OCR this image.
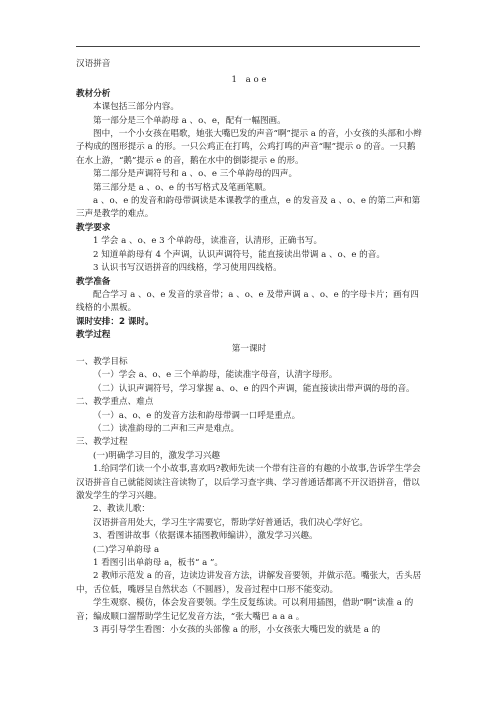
汉语拼音

1　a o e

教材分析

本课包括三部分内容。

第一部分是三个单韵母 a 、o、e，配有一幅图画。

图中，一个小女孩在唱歌，她张大嘴巴发的声音“啊”提示 a 的音，小女孩的头部和小辫子构成的图形提示 a 的形。一只公鸡正在打鸣，公鸡打鸣的声音“喔”提示 o 的音。一只鹅在水上游，“鹅”提示 e 的音，鹅在水中的倒影提示 e 的形。

第二部分是声调符号和 a 、o、e 三个单韵母的四声。

第三部分是 a 、o、e 的书写格式及笔画笔顺。

a 、o、e 的发音和韵母带调读是本课教学的重点，e 的发音及 a 、o、e 的第二声和第三声是教学的难点。

教学要求

1 学会 a 、o、e 3 个单韵母，读准音，认清形，正确书写。

2 知道单韵母有 4 个声调，认识声调符号，能直接读出带调 a 、o、e 的音。

3 认识书写汉语拼音的四线格，学习使用四线格。

教学准备

配合学习 a 、o、e 发音的录音带；a 、o、e 及带声调 a 、o、e 的字母卡片；画有四线格的小黑板。

课时安排：2 课时。

教学过程

第一课时

一、教学目标

（一）学会 a、o、e 三个单韵母，能读准字母音，认清字母形。

（二）认识声调符号，学习掌握 a、o、e 的四个声调，能直接读出带声调的母的音。

二、教学重点、难点

（一）a、o、e 的发音方法和韵母带调一口呼是重点。

（二）读准韵母的二声和三声是难点。

三、教学过程

(一)明确学习目的，激发学习兴趣

1.给同学们读一个小故事,喜欢吗?教师先读一个带有注音的有趣的小故事,告诉学生学会汉语拼音自己就能阅读注音读物了，以后学习查字典、学习普通话都离不开汉语拼音，借以激发学生的学习兴趣。

2、教读儿歌：

汉语拼音用处大，学习生字需要它，帮助学好普通话，我们决心学好它。

3、看图讲故事（依据课本插图教师编讲），激发学习兴趣。

(二)学习单韵母 a

1 看图引出单韵母 a，板书“ a ”。

2 教师示范发 a 的音，边读边讲发音方法，讲解发音要领，并做示范。嘴张大，舌头居中，舌位低，嘴唇呈自然状态（不圆唇），发音过程中口形不能变动。

学生观察、模仿，体会发音要领。学生反复练读。可以利用插图，借助“啊”读准 a 的音；编成顺口溜帮助学生记忆发音方法，“张大嘴巴 a a a 。

3 再引导学生看图：小女孩的头部像 a 的形，小女孩张大嘴巴发的就是 a 的
